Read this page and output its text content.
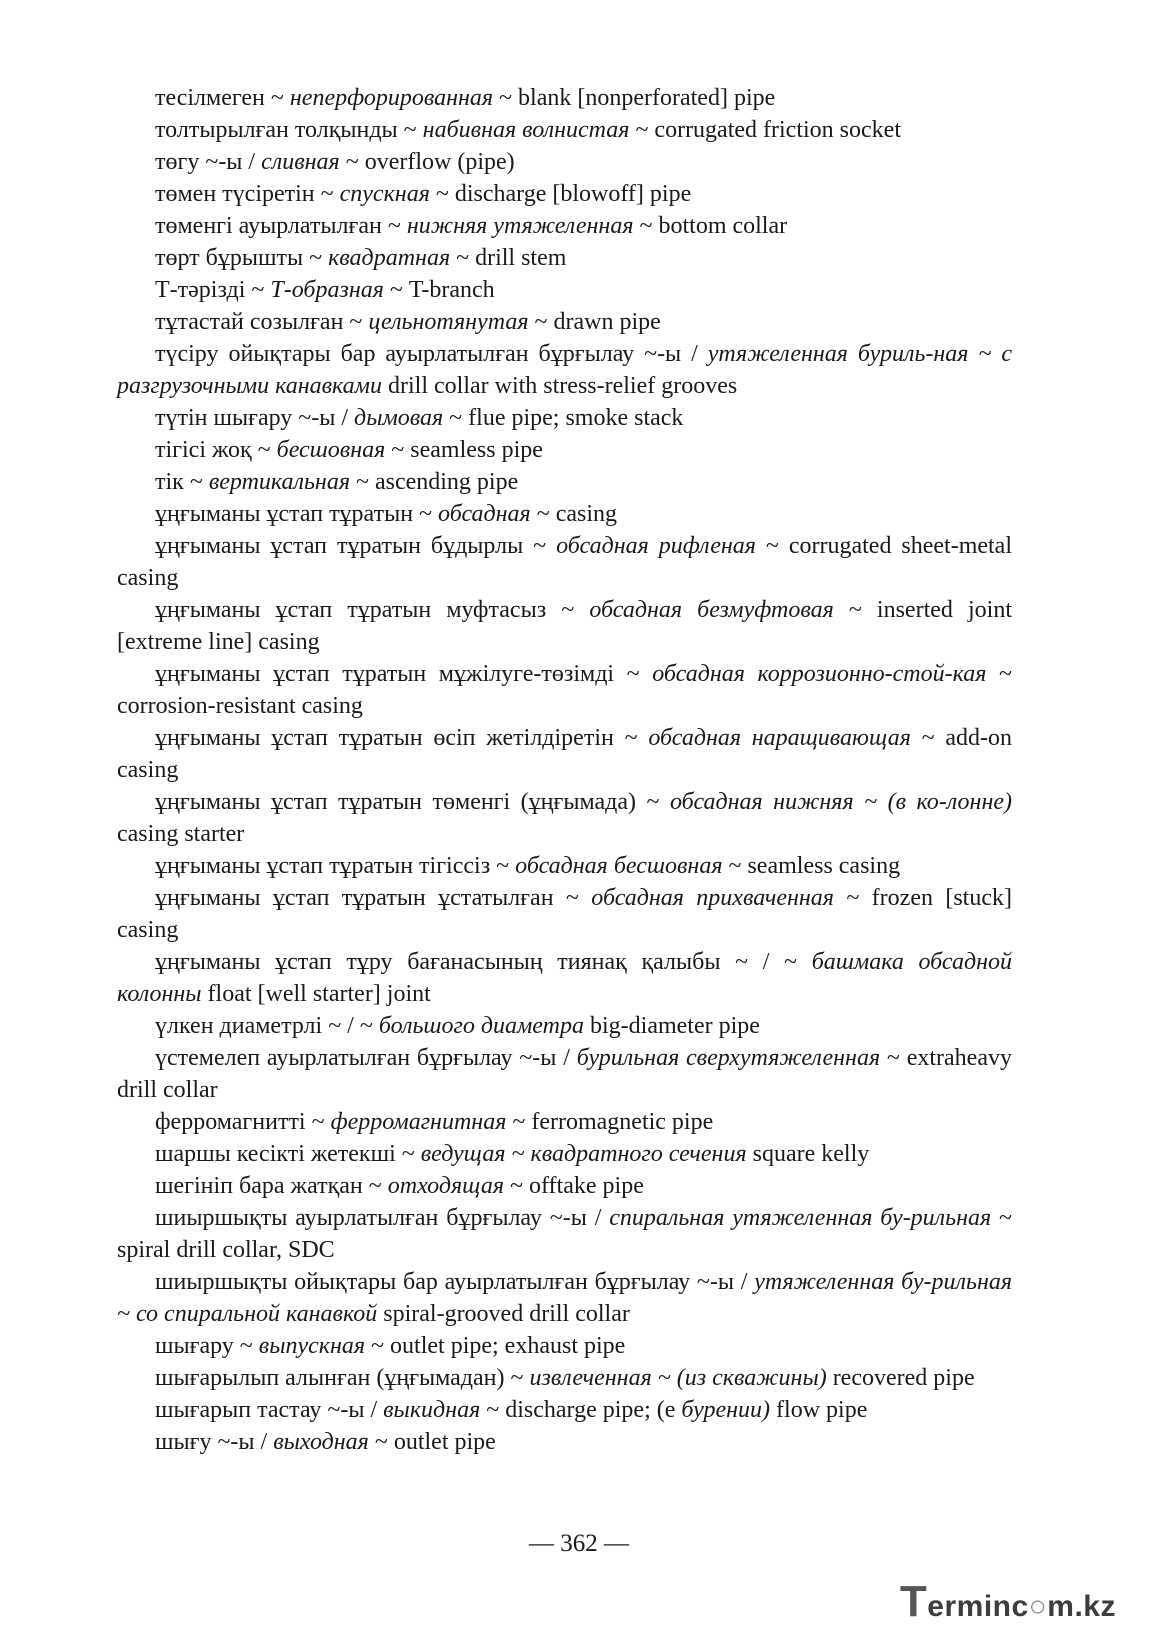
тесілмеген ~ неперфорированная ~ blank [nonperforated] pipe

толтырылған толқынды ~ набивная волнистая ~ corrugated friction socket

төгу ~-ы / сливная ~ overflow (pipe)

төмен түсіретін ~ спускная ~ discharge [blowoff] pipe

төменгі ауырлатылған ~ нижняя утяжеленная ~ bottom collar

төрт бұрышты ~ квадратная ~ drill stem

Т-тәрізді ~ Т-образная ~ T-branch

тұтастай созылған ~ цельнотянутая ~ drawn pipe

түсіру ойықтары бар ауырлатылған бұрғылау ~-ы / утяжеленная буриль-ная ~ с разгрузочными канавками drill collar with stress-relief grooves

түтін шығару ~-ы / дымовая ~ flue pipe; smoke stack

тігісі жоқ ~ бесшовная ~ seamless pipe

тік ~ вертикальная ~ ascending pipe

ұңғыманы ұстап тұратын ~ обсадная ~ casing

ұңғыманы ұстап тұратын бұдырлы ~ обсадная рифленая ~ corrugated sheet-metal casing

ұңғыманы ұстап тұратын муфтасыз ~ обсадная безмуфтовая ~ inserted joint [extreme line] casing

ұңғыманы ұстап тұратын мұжілуге-төзімді ~ обсадная коррозионно-стой-кая ~ corrosion-resistant casing

ұңғыманы ұстап тұратын өсіп жетілдіретін ~ обсадная наращивающая ~ add-on casing

ұңғыманы ұстап тұратын төменгі (ұңғымада) ~ обсадная нижняя ~ (в ко-лонне) casing starter

ұңғыманы ұстап тұратын тігіссіз ~ обсадная бесшовная ~ seamless casing

ұңғыманы ұстап тұратын ұстатылған ~ обсадная прихваченная ~ frozen [stuck] casing

ұңғыманы ұстап тұру бағанасының тиянақ қалыбы ~ / ~ башмака обсадной колонны float [well starter] joint

үлкен диаметрлі ~ / ~ большого диаметра big-diameter pipe

үстемелеп ауырлатылған бұрғылау ~-ы / бурильная сверхутяжеленная ~ extraheavy drill collar

ферромагнитті ~ ферромагнитная ~ ferromagnetic pipe

шаршы кесікті жетекші ~ ведущая ~ квадратного сечения square kelly

шегініп бара жатқан ~ отходящая ~ offtake pipe

шиыршықты ауырлатылған бұрғылау ~-ы / спиральная утяжеленная бу-рильная ~ spiral drill collar, SDC

шиыршықты ойықтары бар ауырлатылған бұрғылау ~-ы / утяжеленная бу-рильная ~ со спиральной канавкой spiral-grooved drill collar

шығару ~ выпускная ~ outlet pipe; exhaust pipe

шығарылып алынған (ұңғымадан) ~ извлеченная ~ (из скважины) recovered pipe

шығарып тастау ~-ы / выкидная ~ discharge pipe; (е бурении) flow pipe

шығу ~-ы / выходная ~ outlet pipe

— 362 —
Terminc○m.kz
